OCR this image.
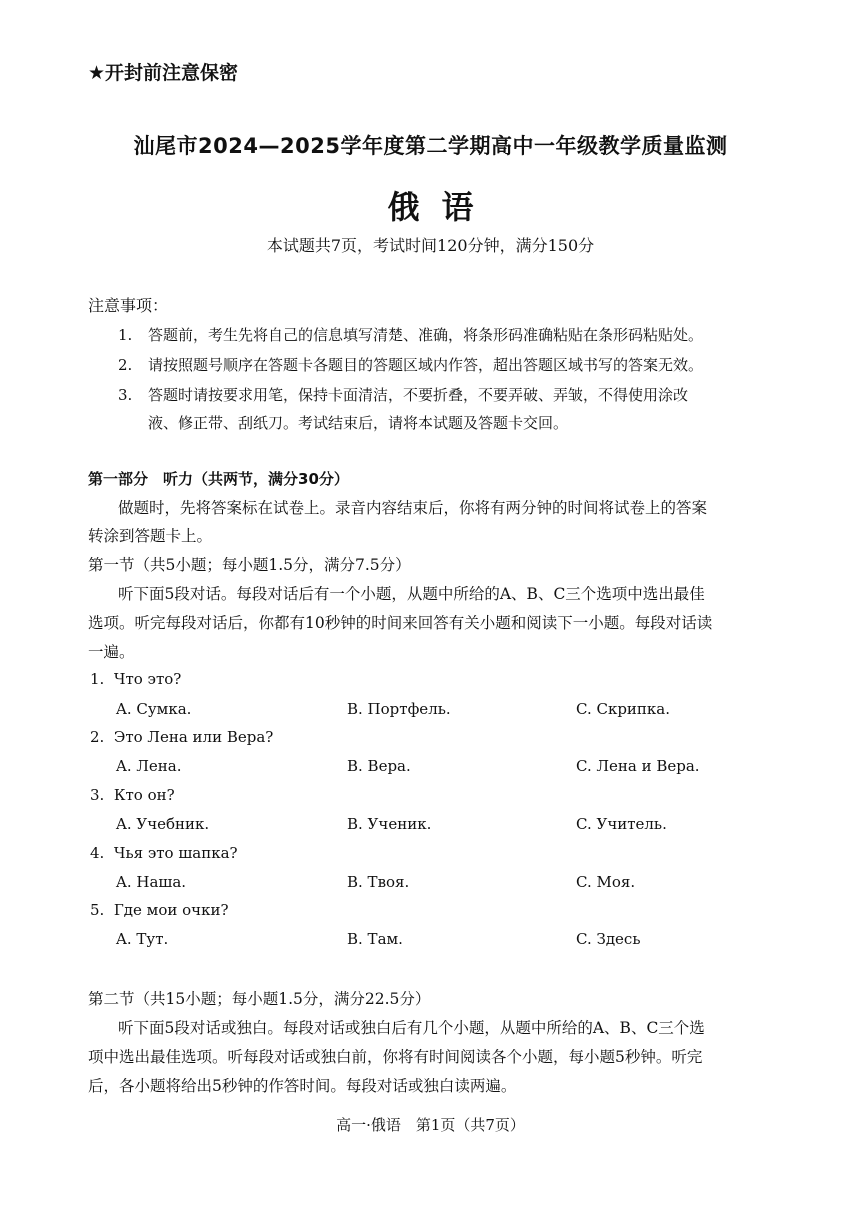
★开封前注意保密
汕尾市2024—2025学年度第二学期高中一年级教学质量监测
俄语
本试题共7页，考试时间120分钟，满分150分
注意事项：
1. 答题前，考生先将自己的信息填写清楚、准确，将条形码准确粘贴在条形码粘贴处。
2. 请按照题号顺序在答题卡各题目的答题区域内作答，超出答题区域书写的答案无效。
3. 答题时请按要求用笔，保持卡面清洁，不要折叠，不要弄破、弄皱，不得使用涂改
液、修正带、刮纸刀。考试结束后，请将本试题及答题卡交回。
第一部分　听力（共两节，满分30分）
做题时，先将答案标在试卷上。录音内容结束后，你将有两分钟的时间将试卷上的答案
转涂到答题卡上。
第一节（共5小题；每小题1.5分，满分7.5分）
听下面5段对话。每段对话后有一个小题，从题中所给的A、B、C三个选项中选出最佳
选项。听完每段对话后，你都有10秒钟的时间来回答有关小题和阅读下一小题。每段对话读
一遍。
1. Что это?
A. Сумка.	B. Портфель.	C. Скрипка.
2. Это Лена или Вера?
A. Лена.	B. Вера.	C. Лена и Вера.
3. Кто он?
A. Учебник.	B. Ученик.	C. Учитель.
4. Чья это шапка?
A. Наша.	B. Твоя.	C. Моя.
5. Где мои очки?
A. Тут.	B. Там.	C. Здесь
第二节（共15小题；每小题1.5分，满分22.5分）
听下面5段对话或独白。每段对话或独白后有几个小题，从题中所给的A、B、C三个选
项中选出最佳选项。听每段对话或独白前，你将有时间阅读各个小题，每小题5秒钟。听完
后，各小题将给出5秒钟的作答时间。每段对话或独白读两遍。
高一·俄语　第1页（共7页）
